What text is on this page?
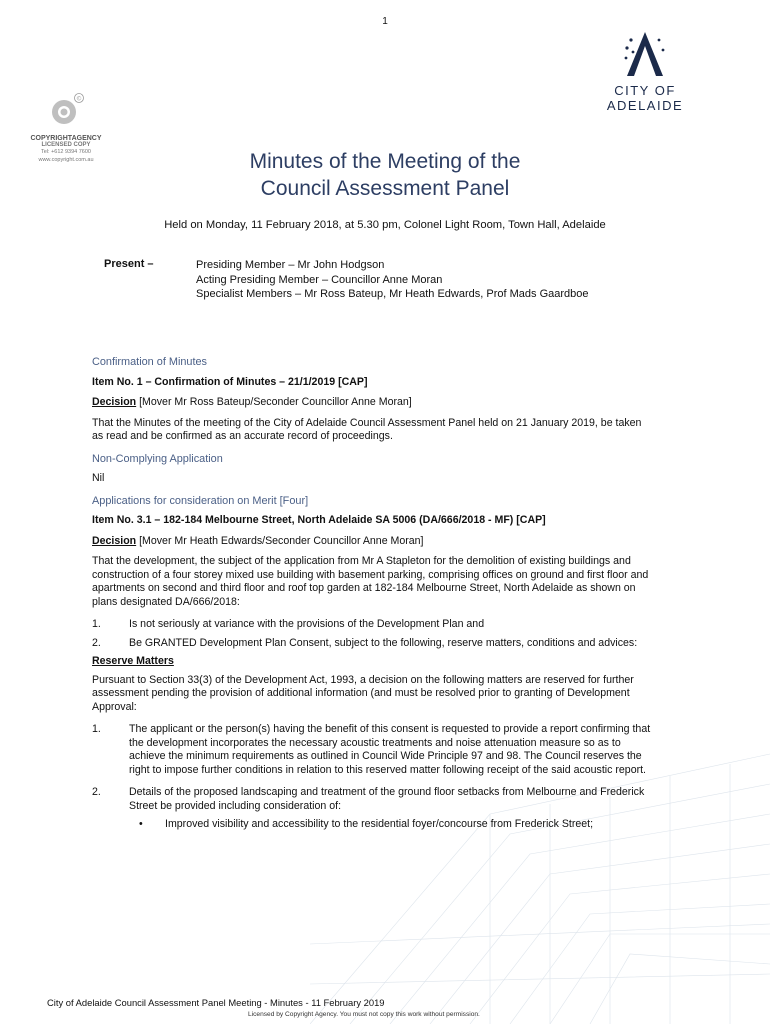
1
CITY OF
ADELAIDE
©
COPYRIGHTAGENCY
LICENSED COPY
Tel: +612 9394 7600
www.copyright.com.au	Minutes of the Meeting of the
Council Assessment Panel
Held on Monday, 11 February 2018, at 5.30 pm, Colonel Light Room, Town Hall, Adelaide
Present –	Presiding Member – Mr John Hodgson
Acting Presiding Member – Councillor Anne Moran
Specialist Members – Mr Ross Bateup, Mr Heath Edwards, Prof Mads Gaardboe
Confirmation of Minutes
Item No. 1 – Confirmation of Minutes – 21/1/2019 [CAP]
Decision [Mover Mr Ross Bateup/Seconder Councillor Anne Moran]

That the Minutes of the meeting of the City of Adelaide Council Assessment Panel held on 21 January 2019, be taken as read and be confirmed as an accurate record of proceedings.

Non-Complying Application

Nil

Applications for consideration on Merit [Four]
Item No. 3.1 – 182-184 Melbourne Street, North Adelaide SA 5006 (DA/666/2018 - MF) [CAP]
Decision [Mover Mr Heath Edwards/Seconder Councillor Anne Moran]

That the development, the subject of the application from Mr A Stapleton for the demolition of existing buildings and construction of a four storey mixed use building with basement parking, comprising offices on ground and first floor and apartments on second and third floor and roof top garden at 182-184 Melbourne Street, North Adelaide as shown on plans designated DA/666/2018:

1.	Is not seriously at variance with the provisions of the Development Plan and
2.	Be GRANTED Development Plan Consent, subject to the following, reserve matters, conditions and advices:
Reserve Matters

Pursuant to Section 33(3) of the Development Act, 1993, a decision on the following matters are reserved for further assessment pending the provision of additional information (and must be resolved prior to granting of Development Approval:

1.	The applicant or the person(s) having the benefit of this consent is requested to provide a report confirming that the development incorporates the necessary acoustic treatments and noise attenuation measure so as to achieve the minimum requirements as outlined in Council Wide Principle 97 and 98. The Council reserves the right to impose further conditions in relation to this reserved matter following receipt of the said acoustic report.
2.	Details of the proposed landscaping and treatment of the ground floor setbacks from Melbourne and Frederick Street be provided including consideration of:
•	Improved visibility and accessibility to the residential foyer/concourse from Frederick Street;
City of Adelaide Council Assessment Panel Meeting - Minutes - 11 February 2019
Licensed by Copyright Agency. You must not copy this work without permission.
